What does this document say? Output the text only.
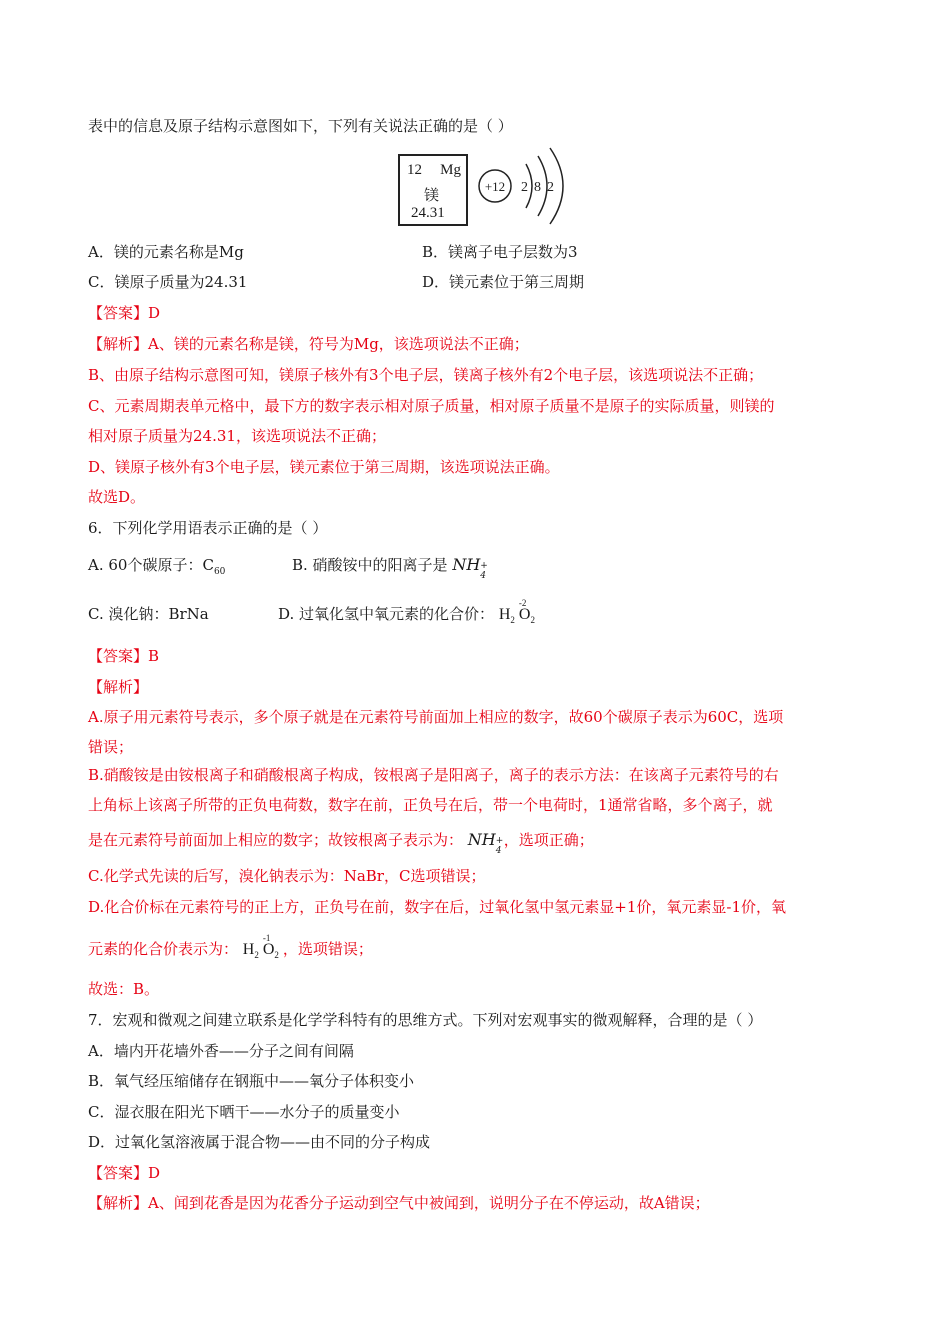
表中的信息及原子结构示意图如下，下列有关说法正确的是（ ）
12 Mg
镁
24.31
+12 2 8 2
A．镁的元素名称是Mg	B．镁离子电子层数为3
C．镁原子质量为24.31	D．镁元素位于第三周期
【答案】D
【解析】A、镁的元素名称是镁，符号为Mg，该选项说法不正确；
B、由原子结构示意图可知，镁原子核外有3个电子层，镁离子核外有2个电子层，该选项说法不正确；
C、元素周期表单元格中，最下方的数字表示相对原子质量，相对原子质量不是原子的实际质量，则镁的
相对原子质量为24.31，该选项说法不正确；
D、镁原子核外有3个电子层，镁元素位于第三周期，该选项说法正确。
故选D。
6．下列化学用语表示正确的是（ ）
A. 60个碳原子：$C_{60}$	B. 硝酸铵中的阳离子是 NH +
4
C. 溴化钠：BrNa	D. 过氧化氢中氧元素的化合价： $H_2$
-2
$O_2$
【答案】B
【解析】
A.原子用元素符号表示，多个原子就是在元素符号前面加上相应的数字，故60个碳原子表示为60C，选项
错误；
B.硝酸铵是由铵根离子和硝酸根离子构成，铵根离子是阳离子，离子的表示方法：在该离子元素符号的右
上角标上该离子所带的正负电荷数，数字在前，正负号在后，带一个电荷时，1通常省略，多个离子，就
是在元素符号前面加上相应的数字；故铵根离子表示为： NH +
4
，选项正确；
C.化学式先读的后写，溴化钠表示为：NaBr，C选项错误；
D.化合价标在元素符号的正上方，正负号在前，数字在后，过氧化氢中氢元素显+1价，氧元素显-1价，氧
元素的化合价表示为： $H_2$
-1
$O_2$ ，选项错误；
故选：B。
7．宏观和微观之间建立联系是化学学科特有的思维方式。下列对宏观事实的微观解释，合理的是（ ）
A．墙内开花墙外香——分子之间有间隔
B．氧气经压缩储存在钢瓶中——氧分子体积变小
C．湿衣服在阳光下晒干——水分子的质量变小
D．过氧化氢溶液属于混合物——由不同的分子构成
【答案】D
【解析】A、闻到花香是因为花香分子运动到空气中被闻到，说明分子在不停运动，故A错误；
